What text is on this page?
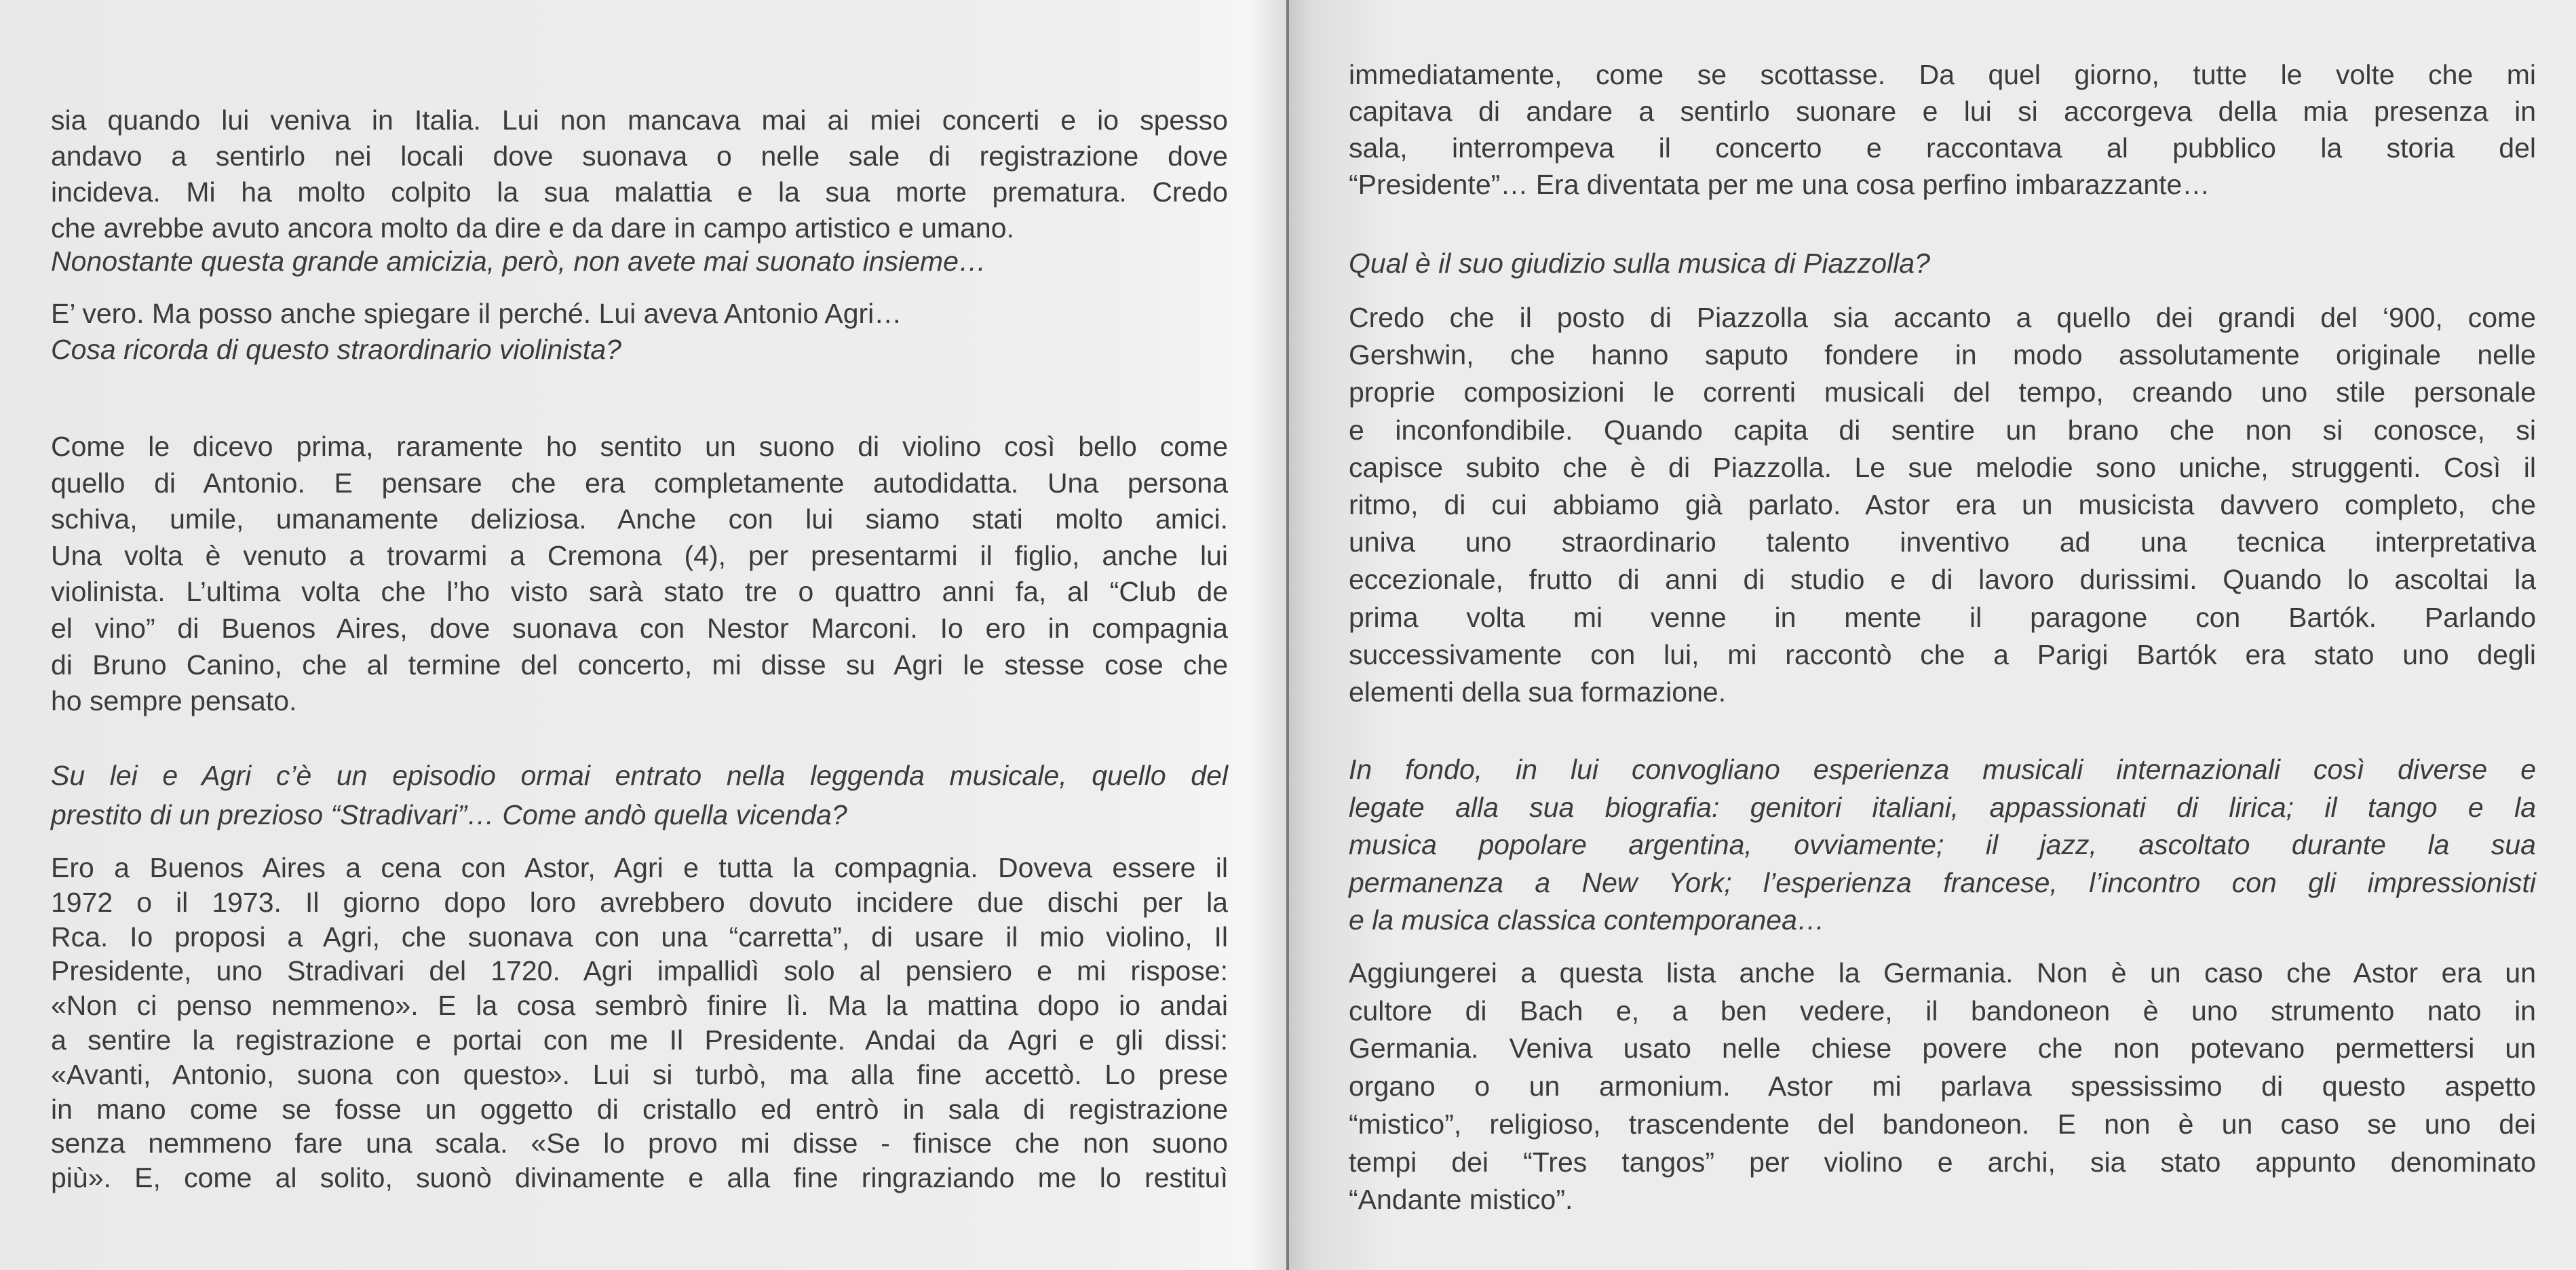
sia quando lui veniva in Italia. Lui non mancava mai ai miei concerti e io spesso
andavo a sentirlo nei locali dove suonava o nelle sale di registrazione dove
incideva. Mi ha molto colpito la sua malattia e la sua morte prematura. Credo
che avrebbe avuto ancora molto da dire e da dare in campo artistico e umano.
Nonostante questa grande amicizia, però, non avete mai suonato insieme…
E’ vero. Ma posso anche spiegare il perché. Lui aveva Antonio Agri…
Cosa ricorda di questo straordinario violinista?
Come le dicevo prima, raramente ho sentito un suono di violino così bello come
quello di Antonio. E pensare che era completamente autodidatta. Una persona
schiva, umile, umanamente deliziosa. Anche con lui siamo stati molto amici.
Una volta è venuto a trovarmi a Cremona (4), per presentarmi il figlio, anche lui
violinista. L’ultima volta che l’ho visto sarà stato tre o quattro anni fa, al “Club de
el vino” di Buenos Aires, dove suonava con Nestor Marconi. Io ero in compagnia
di Bruno Canino, che al termine del concerto, mi disse su Agri le stesse cose che
ho sempre pensato.
Su lei e Agri c’è un episodio ormai entrato nella leggenda musicale, quello del
prestito di un prezioso “Stradivari”… Come andò quella vicenda?
Ero a Buenos Aires a cena con Astor, Agri e tutta la compagnia. Doveva essere il
1972 o il 1973. Il giorno dopo loro avrebbero dovuto incidere due dischi per la
Rca. Io proposi a Agri, che suonava con una “carretta”, di usare il mio violino, Il
Presidente, uno Stradivari del 1720. Agri impallidì solo al pensiero e mi rispose:
«Non ci penso nemmeno». E la cosa sembrò finire lì. Ma la mattina dopo io andai
a sentire la registrazione e portai con me Il Presidente. Andai da Agri e gli dissi:
«Avanti, Antonio, suona con questo». Lui si turbò, ma alla fine accettò. Lo prese
in mano come se fosse un oggetto di cristallo ed entrò in sala di registrazione
senza nemmeno fare una scala. «Se lo provo mi disse - finisce che non suono
più». E, come al solito, suonò divinamente e alla fine ringraziando me lo restituì
immediatamente, come se scottasse. Da quel giorno, tutte le volte che mi
capitava di andare a sentirlo suonare e lui si accorgeva della mia presenza in
sala, interrompeva il concerto e raccontava al pubblico la storia del
“Presidente”… Era diventata per me una cosa perfino imbarazzante…
Qual è il suo giudizio sulla musica di Piazzolla?
Credo che il posto di Piazzolla sia accanto a quello dei grandi del ‘900, come
Gershwin, che hanno saputo fondere in modo assolutamente originale nelle
proprie composizioni le correnti musicali del tempo, creando uno stile personale
e inconfondibile. Quando capita di sentire un brano che non si conosce, si
capisce subito che è di Piazzolla. Le sue melodie sono uniche, struggenti. Così il
ritmo, di cui abbiamo già parlato. Astor era un musicista davvero completo, che
univa uno straordinario talento inventivo ad una tecnica interpretativa
eccezionale, frutto di anni di studio e di lavoro durissimi. Quando lo ascoltai la
prima volta mi venne in mente il paragone con Bartók. Parlando
successivamente con lui, mi raccontò che a Parigi Bartók era stato uno degli
elementi della sua formazione.
In fondo, in lui convogliano esperienza musicali internazionali così diverse e
legate alla sua biografia: genitori italiani, appassionati di lirica; il tango e la
musica popolare argentina, ovviamente; il jazz, ascoltato durante la sua
permanenza a New York; l’esperienza francese, l’incontro con gli impressionisti
e la musica classica contemporanea…
Aggiungerei a questa lista anche la Germania. Non è un caso che Astor era un
cultore di Bach e, a ben vedere, il bandoneon è uno strumento nato in
Germania. Veniva usato nelle chiese povere che non potevano permettersi un
organo o un armonium. Astor mi parlava spessissimo di questo aspetto
“mistico”, religioso, trascendente del bandoneon. E non è un caso se uno dei
tempi dei “Tres tangos” per violino e archi, sia stato appunto denominato
“Andante mistico”.
